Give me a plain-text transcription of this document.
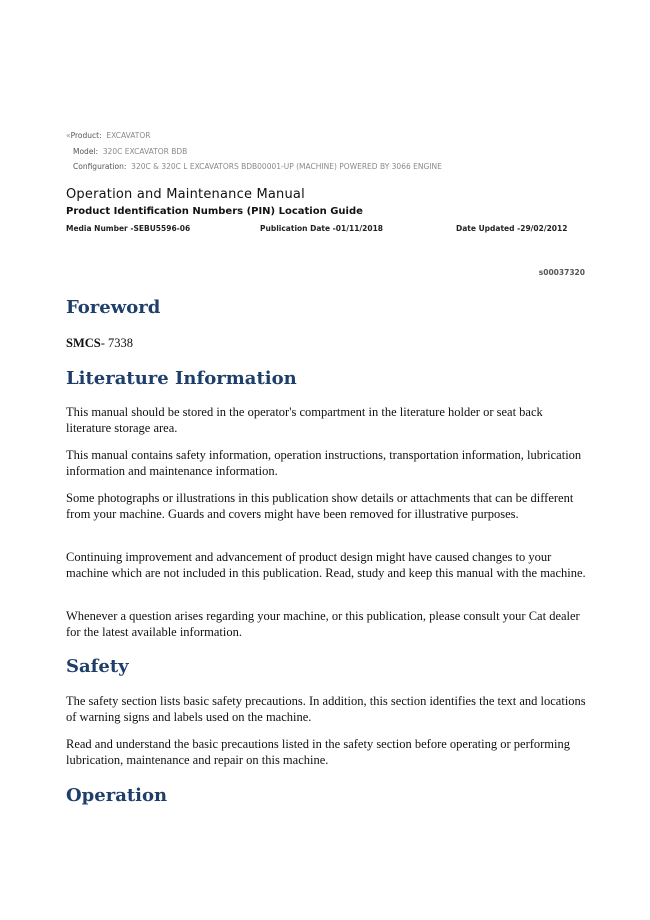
«Product: EXCAVATOR
Model: 320C EXCAVATOR BDB
Configuration: 320C & 320C L EXCAVATORS BDB00001-UP (MACHINE) POWERED BY 3066 ENGINE
Operation and Maintenance Manual
Product Identification Numbers (PIN) Location Guide
Media Number -SEBU5596-06	Publication Date -01/11/2018	Date Updated -29/02/2012
s00037320
Foreword
SMCS- 7338
Literature Information

This manual should be stored in the operator's compartment in the literature holder or seat back literature storage area.

This manual contains safety information, operation instructions, transportation information, lubrication information and maintenance information.

Some photographs or illustrations in this publication show details or attachments that can be different from your machine. Guards and covers might have been removed for illustrative purposes.

Continuing improvement and advancement of product design might have caused changes to your machine which are not included in this publication. Read, study and keep this manual with the machine.

Whenever a question arises regarding your machine, or this publication, please consult your Cat dealer for the latest available information.

Safety

The safety section lists basic safety precautions. In addition, this section identifies the text and locations of warning signs and labels used on the machine.

Read and understand the basic precautions listed in the safety section before operating or performing lubrication, maintenance and repair on this machine.

Operation
